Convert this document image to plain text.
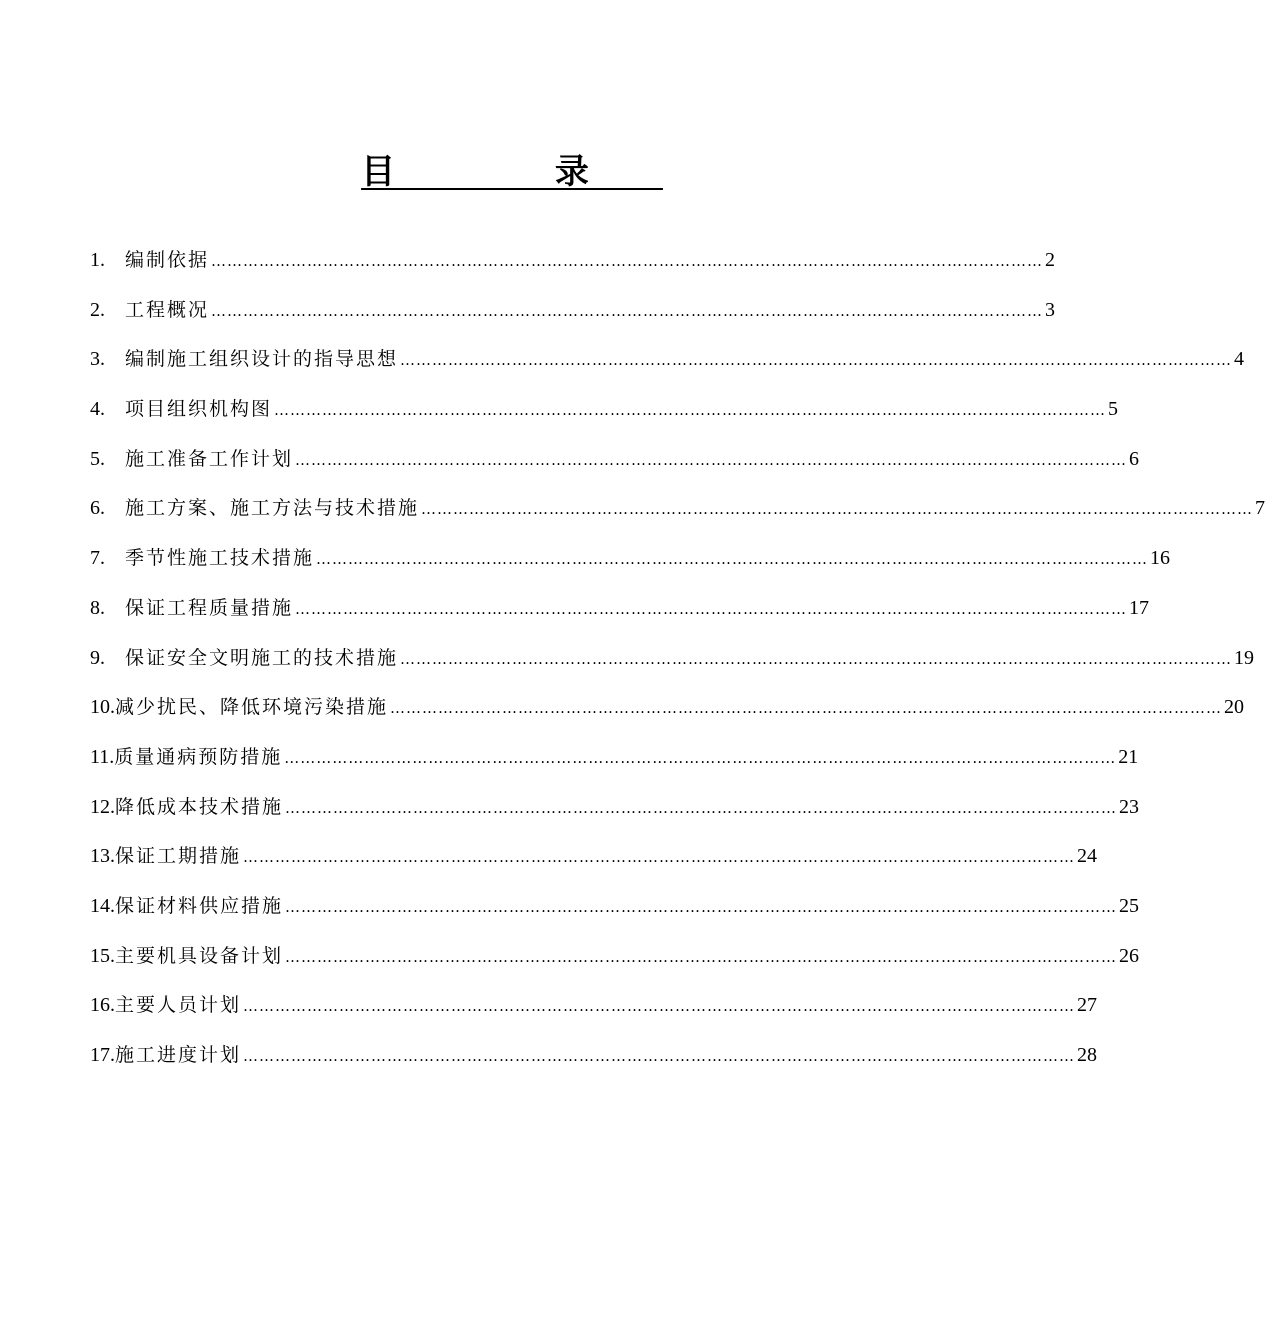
目 录
1.	编制依据 ………………………………………………………………………………………………………………………………………… 2
2.	工程概况 ………………………………………………………………………………………………………………………………………… 3
3.	编制施工组织设计的指导思想 ………………………………………………………………………………………………………………………………………… 4
4.	项目组织机构图 ………………………………………………………………………………………………………………………………………… 5
5.	施工准备工作计划 ………………………………………………………………………………………………………………………………………… 6
6.	施工方案、施工方法与技术措施 ………………………………………………………………………………………………………………………………………… 7
7.	季节性施工技术措施 ………………………………………………………………………………………………………………………………………… 16
8.	保证工程质量措施 ………………………………………………………………………………………………………………………………………… 17
9.	保证安全文明施工的技术措施 ………………………………………………………………………………………………………………………………………… 19
10. 减少扰民、降低环境污染措施 ………………………………………………………………………………………………………………………………………… 20
11. 质量通病预防措施 ………………………………………………………………………………………………………………………………………… 21
12. 降低成本技术措施 ………………………………………………………………………………………………………………………………………… 23
13. 保证工期措施 ………………………………………………………………………………………………………………………………………… 24
14. 保证材料供应措施 ………………………………………………………………………………………………………………………………………… 25
15. 主要机具设备计划 ………………………………………………………………………………………………………………………………………… 26
16. 主要人员计划 ………………………………………………………………………………………………………………………………………… 27
17. 施工进度计划 ………………………………………………………………………………………………………………………………………… 28
